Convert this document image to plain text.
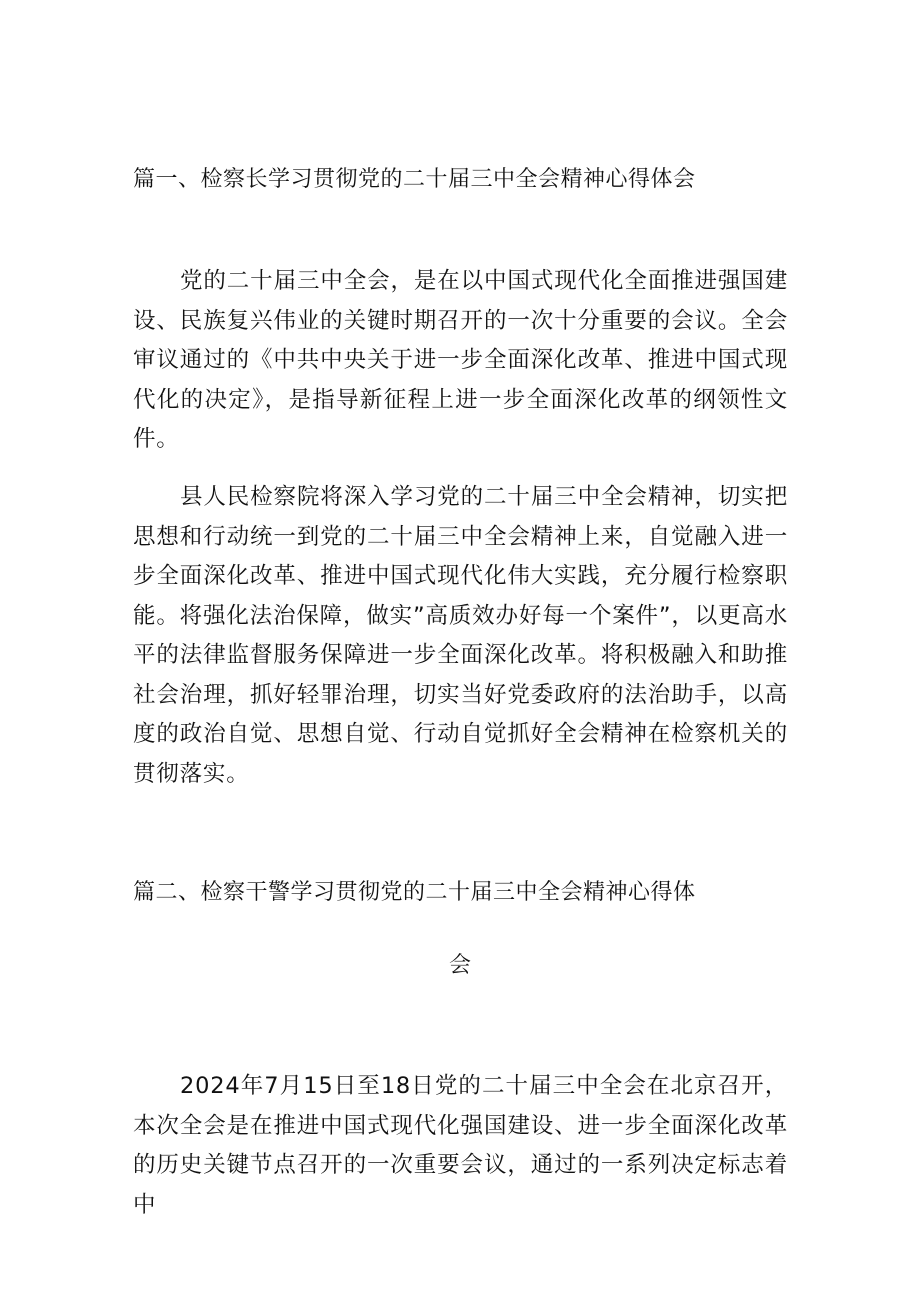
篇一、检察长学习贯彻党的二十届三中全会精神心得体会

党的二十届三中全会，是在以中国式现代化全面推进强国建设、民族复兴伟业的关键时期召开的一次十分重要的会议。全会审议通过的《中共中央关于进一步全面深化改革、推进中国式现代化的决定》，是指导新征程上进一步全面深化改革的纲领性文件。

县人民检察院将深入学习党的二十届三中全会精神，切实把思想和行动统一到党的二十届三中全会精神上来，自觉融入进一步全面深化改革、推进中国式现代化伟大实践，充分履行检察职能。将强化法治保障，做实”高质效办好每一个案件”，以更高水平的法律监督服务保障进一步全面深化改革。将积极融入和助推社会治理，抓好轻罪治理，切实当好党委政府的法治助手，以高度的政治自觉、思想自觉、行动自觉抓好全会精神在检察机关的贯彻落实。

篇二、检察干警学习贯彻党的二十届三中全会精神心得体
会

2024年7月15日至18日党的二十届三中全会在北京召开，本次全会是在推进中国式现代化强国建设、进一步全面深化改革的历史关键节点召开的一次重要会议，通过的一系列决定标志着中
